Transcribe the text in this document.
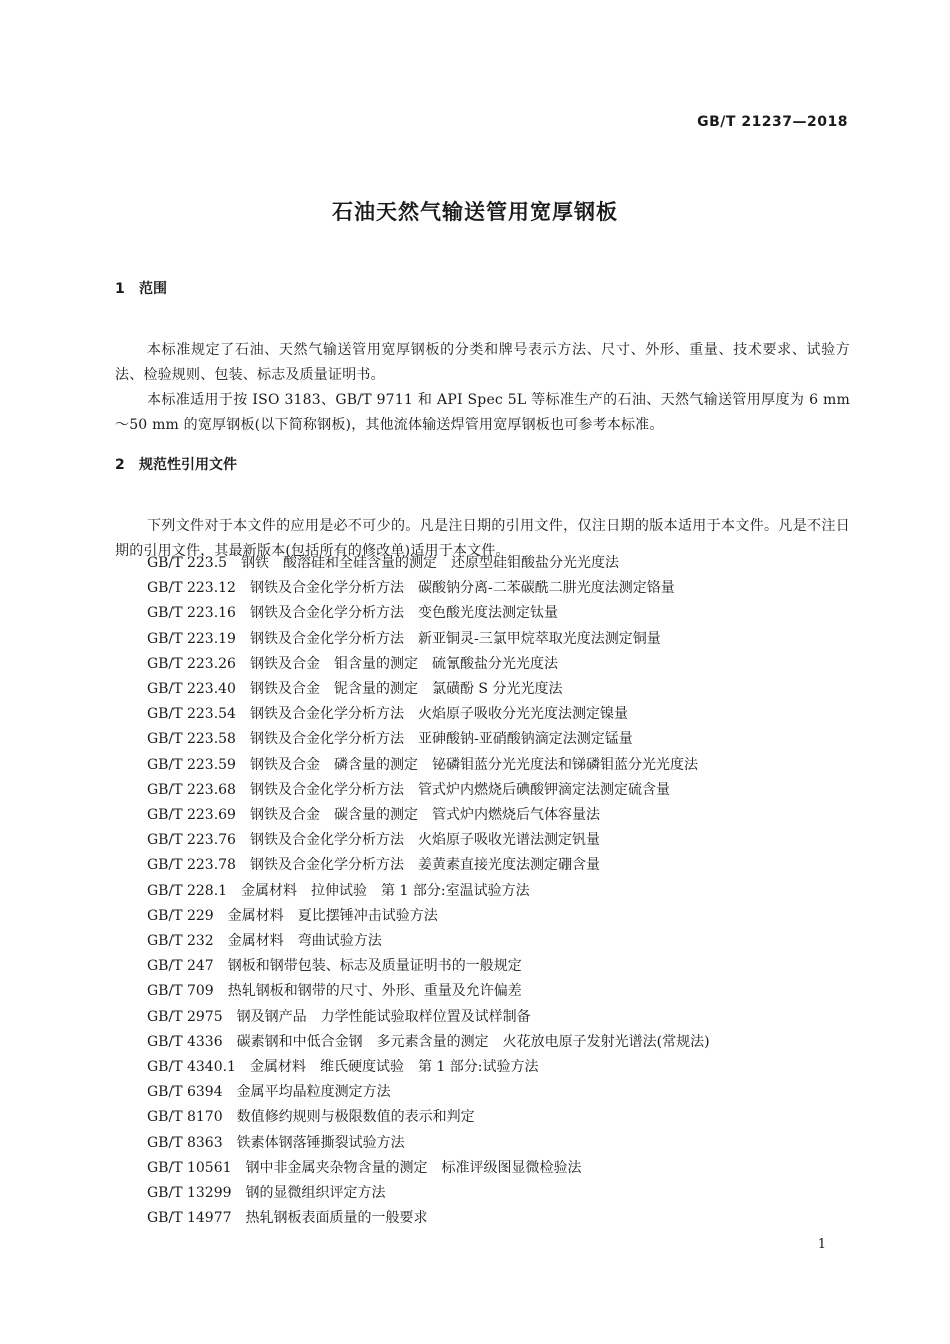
GB/T 21237—2018
石油天然气输送管用宽厚钢板
1 范围

本标准规定了石油、天然气输送管用宽厚钢板的分类和牌号表示方法、尺寸、外形、重量、技术要求、试验方法、检验规则、包装、标志及质量证明书。

本标准适用于按 ISO 3183、GB/T 9711 和 API Spec 5L 等标准生产的石油、天然气输送管用厚度为 6 mm～50 mm 的宽厚钢板(以下简称钢板)，其他流体输送焊管用宽厚钢板也可参考本标准。

2 规范性引用文件

下列文件对于本文件的应用是必不可少的。凡是注日期的引用文件，仅注日期的版本适用于本文件。凡是不注日期的引用文件，其最新版本(包括所有的修改单)适用于本文件。

GB/T 223.5 钢铁　酸溶硅和全硅含量的测定　还原型硅钼酸盐分光光度法
GB/T 223.12 钢铁及合金化学分析方法　碳酸钠分离-二苯碳酰二肼光度法测定铬量
GB/T 223.16 钢铁及合金化学分析方法　变色酸光度法测定钛量
GB/T 223.19 钢铁及合金化学分析方法　新亚铜灵-三氯甲烷萃取光度法测定铜量
GB/T 223.26 钢铁及合金　钼含量的测定　硫氰酸盐分光光度法
GB/T 223.40 钢铁及合金　铌含量的测定　氯磺酚 S 分光光度法
GB/T 223.54 钢铁及合金化学分析方法　火焰原子吸收分光光度法测定镍量
GB/T 223.58 钢铁及合金化学分析方法　亚砷酸钠-亚硝酸钠滴定法测定锰量
GB/T 223.59 钢铁及合金　磷含量的测定　铋磷钼蓝分光光度法和锑磷钼蓝分光光度法
GB/T 223.68 钢铁及合金化学分析方法　管式炉内燃烧后碘酸钾滴定法测定硫含量
GB/T 223.69 钢铁及合金　碳含量的测定　管式炉内燃烧后气体容量法
GB/T 223.76 钢铁及合金化学分析方法　火焰原子吸收光谱法测定钒量
GB/T 223.78 钢铁及合金化学分析方法　姜黄素直接光度法测定硼含量
GB/T 228.1 金属材料　拉伸试验　第 1 部分:室温试验方法
GB/T 229 金属材料　夏比摆锤冲击试验方法
GB/T 232 金属材料　弯曲试验方法
GB/T 247 钢板和钢带包装、标志及质量证明书的一般规定
GB/T 709 热轧钢板和钢带的尺寸、外形、重量及允许偏差
GB/T 2975 钢及钢产品　力学性能试验取样位置及试样制备
GB/T 4336 碳素钢和中低合金钢　多元素含量的测定　火花放电原子发射光谱法(常规法)
GB/T 4340.1 金属材料　维氏硬度试验　第 1 部分:试验方法
GB/T 6394 金属平均晶粒度测定方法
GB/T 8170 数值修约规则与极限数值的表示和判定
GB/T 8363 铁素体钢落锤撕裂试验方法
GB/T 10561 钢中非金属夹杂物含量的测定　标准评级图显微检验法
GB/T 13299 钢的显微组织评定方法
GB/T 14977 热轧钢板表面质量的一般要求
1
